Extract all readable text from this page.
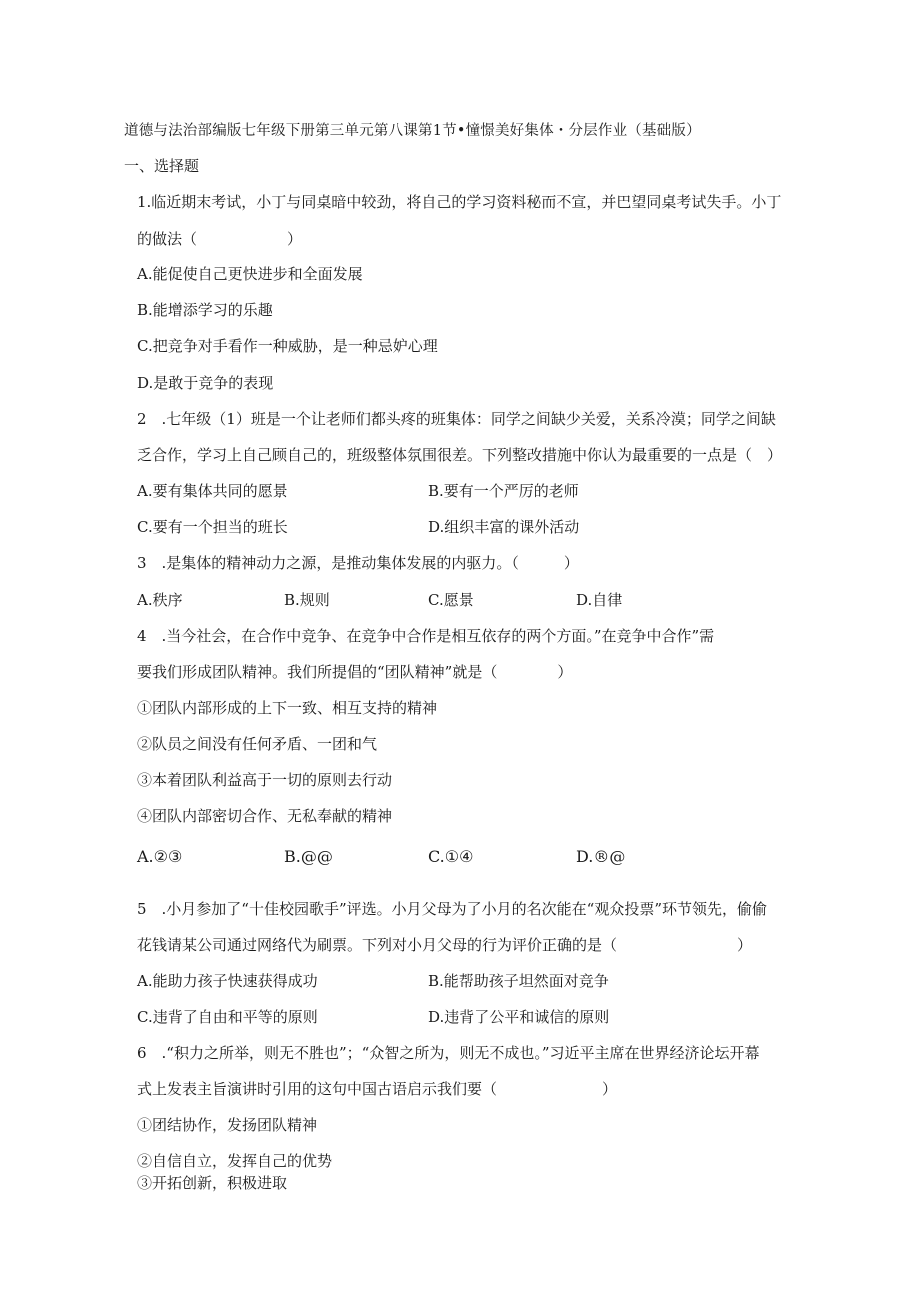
道德与法治部编版七年级下册第三单元第八课第1节•憧憬美好集体・分层作业（基础版）
一、选择题
1.临近期末考试，小丁与同桌暗中较劲，将自己的学习资料秘而不宣，并巴望同桌考试失手。小丁
的做法（　　　　　　）
A.能促使自己更快进步和全面发展
B.能增添学习的乐趣
C.把竞争对手看作一种威胁，是一种忌妒心理
D.是敢于竞争的表现
2　.七年级（1）班是一个让老师们都头疼的班集体：同学之间缺少关爱，关系冷漠；同学之间缺
乏合作，学习上自己顾自己的，班级整体氛围很差。下列整改措施中你认为最重要的一点是（　）
A.要有集体共同的愿景	B.要有一个严厉的老师
C.要有一个担当的班长	D.组织丰富的课外活动
3　.是集体的精神动力之源，是推动集体发展的内驱力。（　　　）
A.秩序	B.规则	C.愿景	D.自律
4　.当今社会，在合作中竞争、在竞争中合作是相互依存的两个方面。”在竞争中合作”需
要我们形成团队精神。我们所提倡的“团队精神”就是（　　　　）
①团队内部形成的上下一致、相互支持的精神
②队员之间没有任何矛盾、一团和气
③本着团队利益高于一切的原则去行动
④团队内部密切合作、无私奉献的精神
A.②③	B.@@	C.①④	D.®@
5　.小月参加了“十佳校园歌手”评选。小月父母为了小月的名次能在“观众投票”环节领先，偷偷
花钱请某公司通过网络代为刷票。下列对小月父母的行为评价正确的是（　　　　　　　　）
A.能助力孩子快速获得成功	B.能帮助孩子坦然面对竞争
C.违背了自由和平等的原则	D.违背了公平和诚信的原则
6　.“积力之所举，则无不胜也”；“众智之所为，则无不成也。”习近平主席在世界经济论坛开幕
式上发表主旨演讲时引用的这句中国古语启示我们要（　　　　　　　）
①团结协作，发扬团队精神
②自信自立，发挥自己的优势
③开拓创新，积极进取
